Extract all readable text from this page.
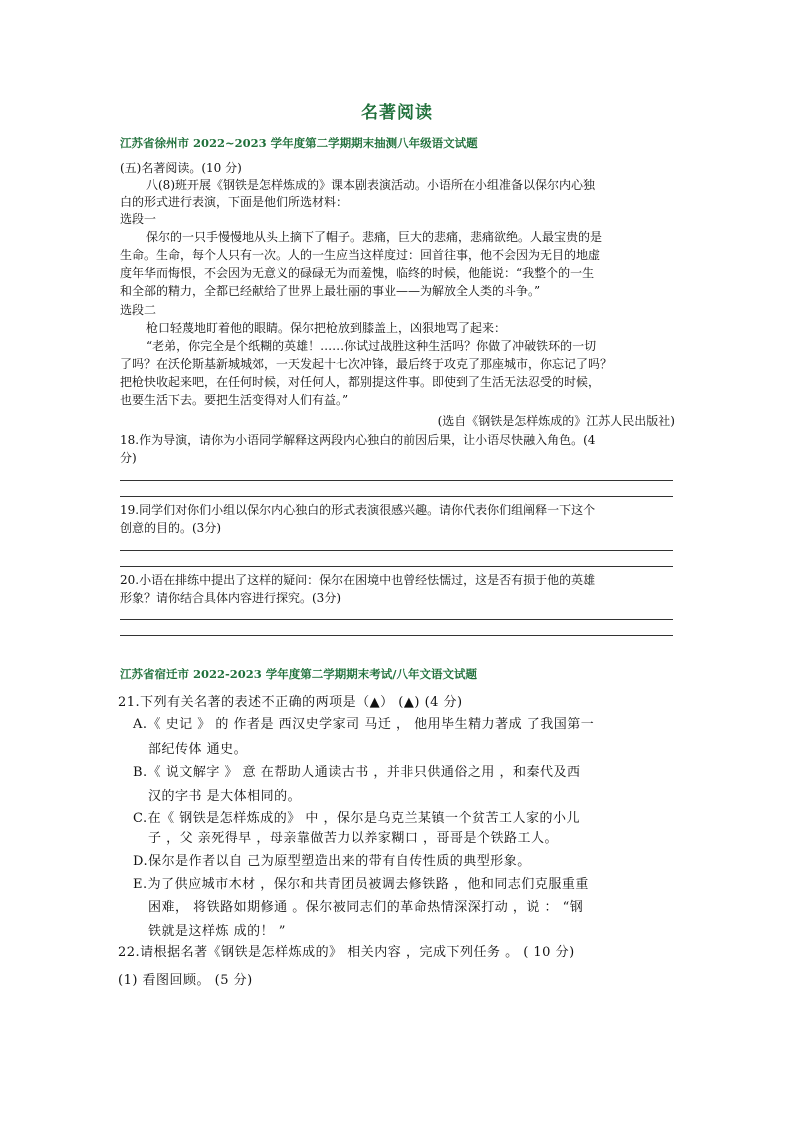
名著阅读
江苏省徐州市 2022~2023 学年度第二学期期末抽测八年级语文试题
(五)名著阅读。(10 分)
八(8)班开展《钢铁是怎样炼成的》课本剧表演活动。小语所在小组准备以保尔内心独
白的形式进行表演，下面是他们所选材料：
选段一
保尔的一只手慢慢地从头上摘下了帽子。悲痛，巨大的悲痛，悲痛欲绝。人最宝贵的是
生命。生命，每个人只有一次。人的一生应当这样度过：回首往事，他不会因为无目的地虚
度年华而悔恨，不会因为无意义的碌碌无为而羞愧，临终的时候，他能说：“我整个的一生
和全部的精力，全都已经献给了世界上最壮丽的事业——为解放全人类的斗争。”
选段二
枪口轻蔑地盯着他的眼睛。保尔把枪放到膝盖上，凶狠地骂了起来：
“老弟，你完全是个纸糊的英雄！……你试过战胜这种生活吗？你做了冲破铁环的一切
了吗？在沃伦斯基新城城郊，一天发起十七次冲锋，最后终于攻克了那座城市，你忘记了吗？
把枪快收起来吧，在任何时候，对任何人，都别提这件事。即使到了生活无法忍受的时候，
也要生活下去。要把生活变得对人们有益。”
(选自《钢铁是怎样炼成的》江苏人民出版社)
18.作为导演，请你为小语同学解释这两段内心独白的前因后果，让小语尽快融入角色。(4
分)
19.同学们对你们小组以保尔内心独白的形式表演很感兴趣。请你代表你们组阐释一下这个
创意的目的。(3分)
20.小语在排练中提出了这样的疑问：保尔在困境中也曾经怯懦过，这是否有损于他的英雄
形象？请你结合具体内容进行探究。(3分)
江苏省宿迁市 2022-2023 学年度第二学期期末考试/八年文语文试题
21.下列有关名著的表述不正确的两项是（▲） (▲) (4 分)
A.《 史记 》 的 作者是 西汉史学家司 马迁 ， 他用毕生精力著成 了我国第一
部纪传体 通史。
B.《 说文解字 》 意 在帮助人通读古书 ，并非只供通俗之用 ，和秦代及西
汉的字书 是大体相同的。
C.在《 钢铁是怎样炼成的》 中 ，保尔是乌克兰某镇一个贫苦工人家的小儿
子 ，父 亲死得早 ，母亲靠做苦力以养家糊口 ，哥哥是个铁路工人。
D.保尔是作者以自 己为原型塑造出来的带有自传性质的典型形象。
E.为了供应城市木材 ，保尔和共青团员被调去修铁路 ，他和同志们克服重重
困难， 将铁路如期修通 。保尔被同志们的革命热情深深打动 ，说 ： “钢
铁就是这样炼 成的！ ”
22.请根据名著《钢铁是怎样炼成的》 相关内容 ，完成下列任务 。 ( 10 分)
(1) 看图回顾。 (5 分)
